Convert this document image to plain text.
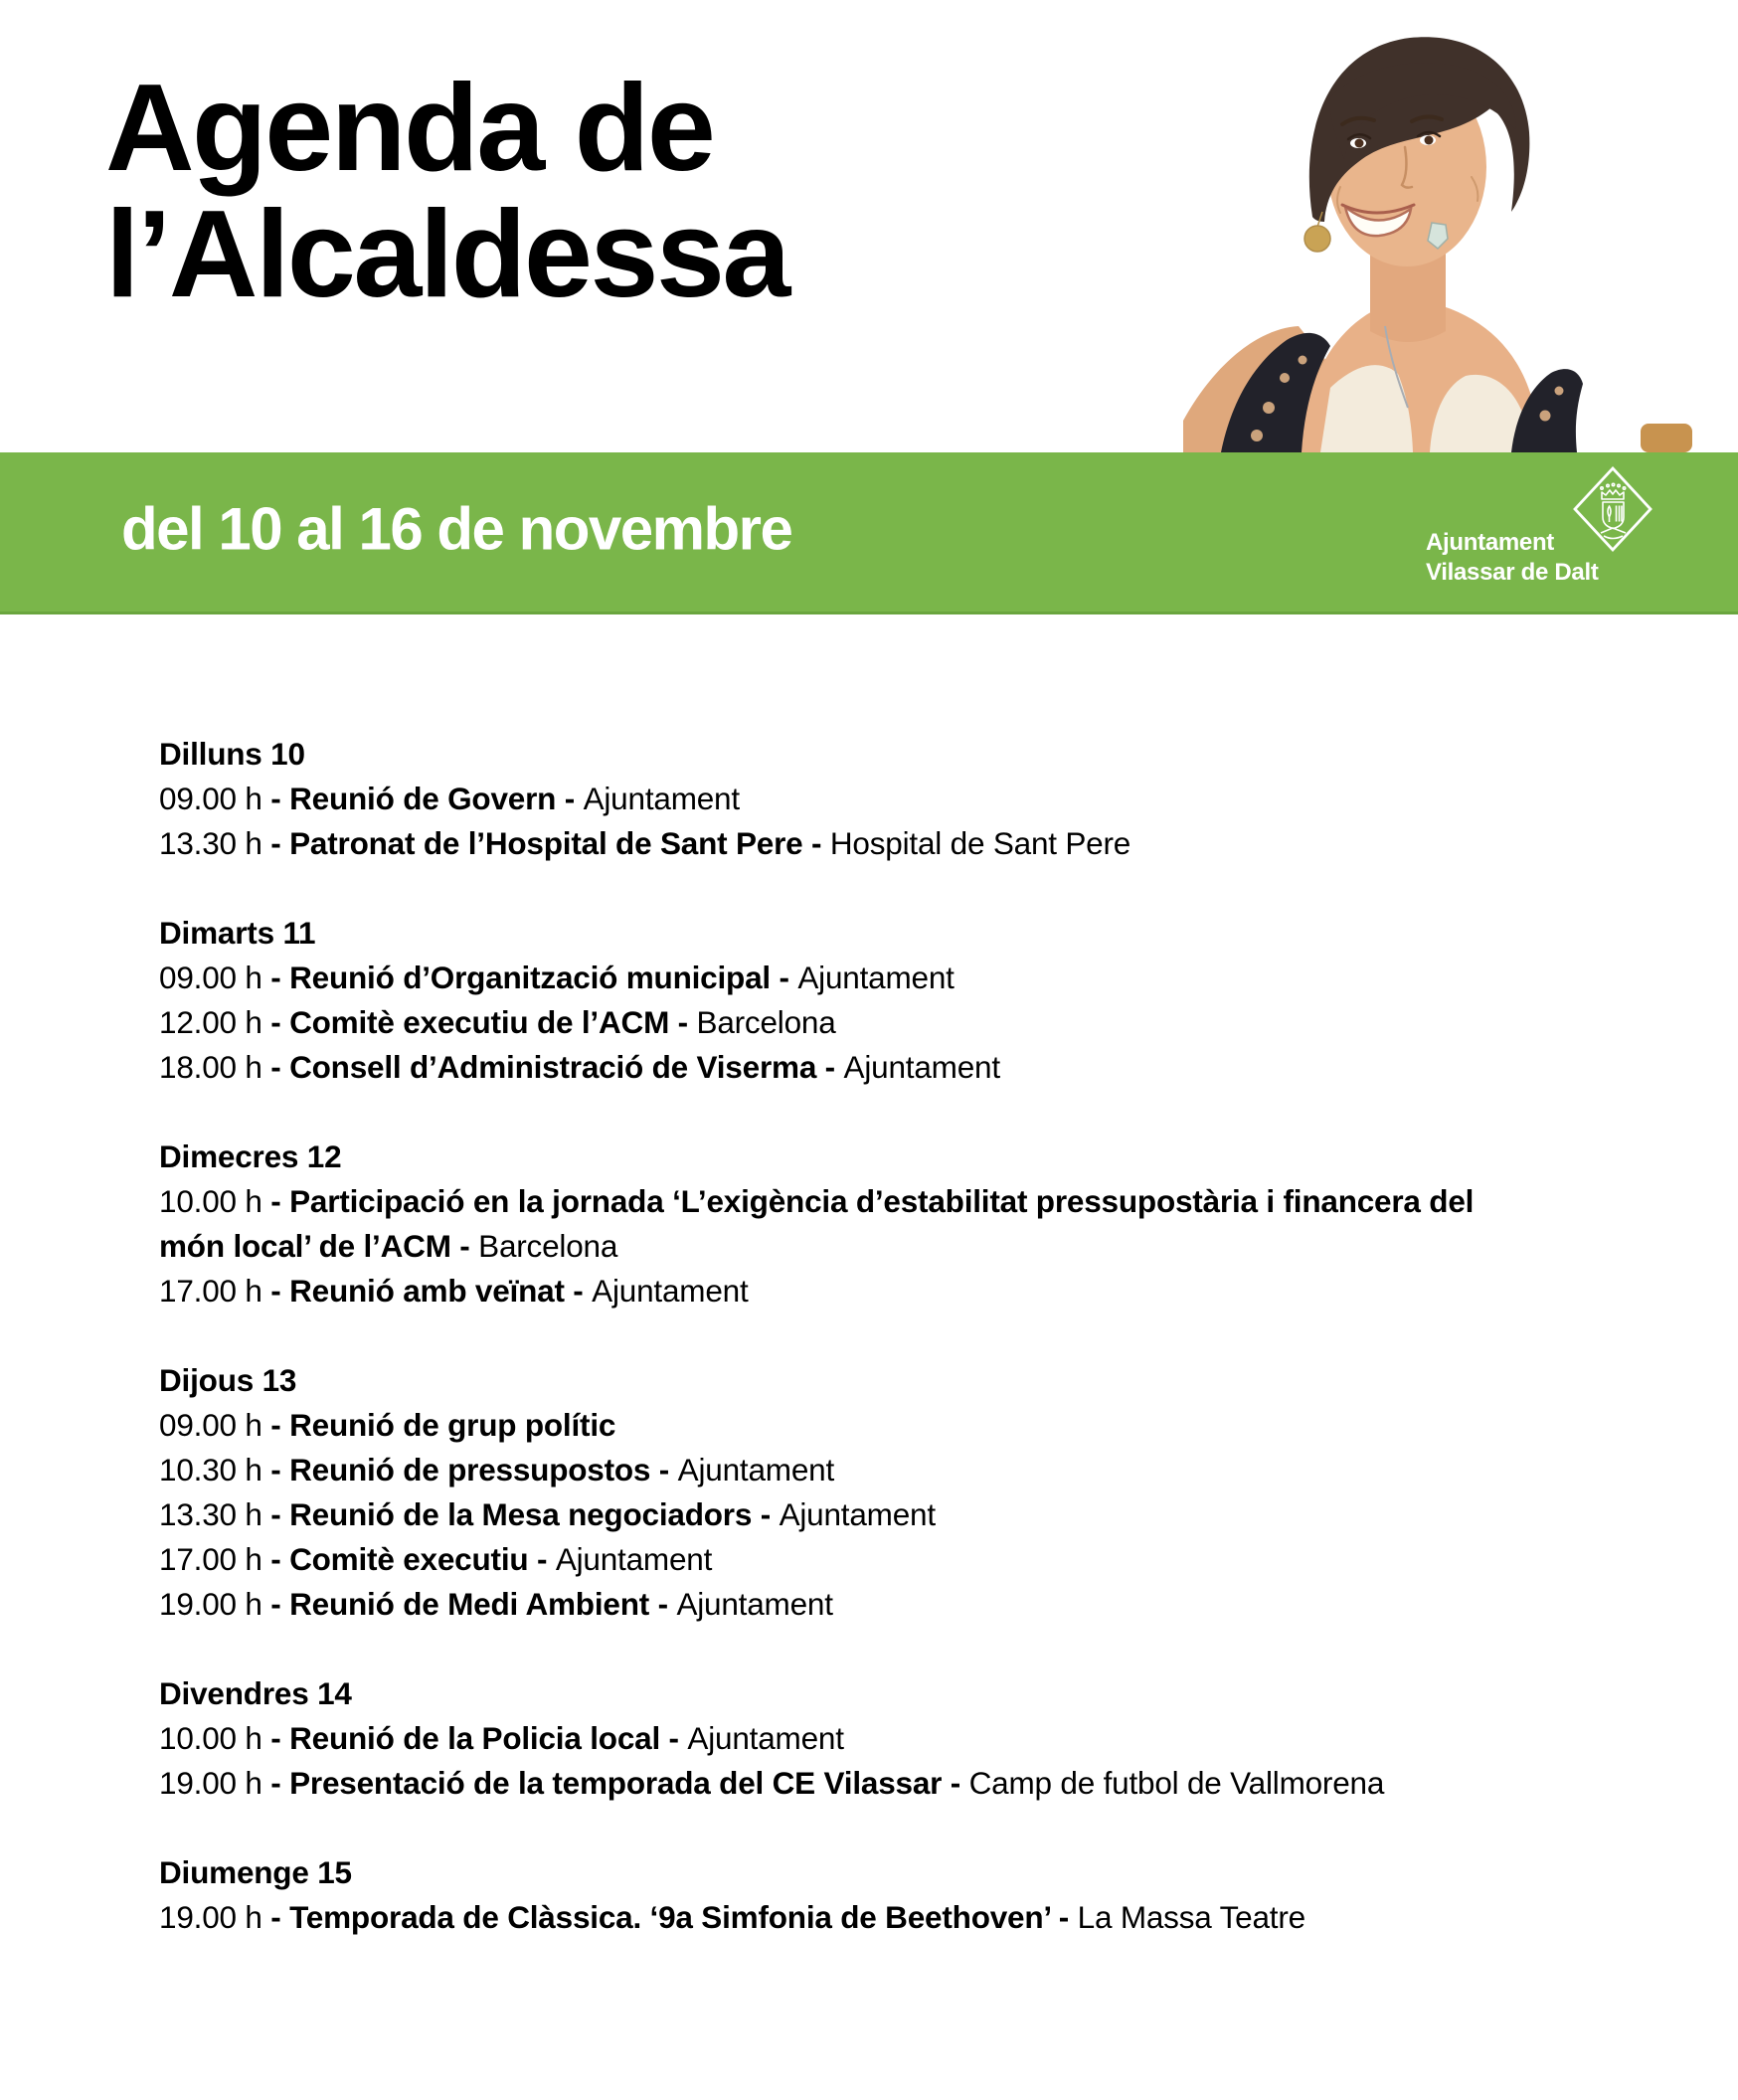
Agenda de
l’Alcaldessa
del 10 al 16 de novembre	Ajuntament
Vilassar de Dalt
Dilluns 10
09.00 h - Reunió de Govern - Ajuntament
13.30 h - Patronat de l’Hospital de Sant Pere - Hospital de Sant Pere
Dimarts 11
09.00 h - Reunió d’Organització municipal - Ajuntament
12.00 h - Comitè executiu de l’ACM - Barcelona
18.00 h - Consell d’Administració de Viserma - Ajuntament
Dimecres 12
10.00 h - Participació en la jornada ‘L’exigència d’estabilitat pressupostària i financera del món local’ de l’ACM - Barcelona
17.00 h - Reunió amb veïnat - Ajuntament
Dijous 13
09.00 h - Reunió de grup polític
10.30 h - Reunió de pressupostos - Ajuntament
13.30 h - Reunió de la Mesa negociadors - Ajuntament
17.00 h - Comitè executiu - Ajuntament
19.00 h - Reunió de Medi Ambient - Ajuntament
Divendres 14
10.00 h - Reunió de la Policia local - Ajuntament
19.00 h - Presentació de la temporada del CE Vilassar - Camp de futbol de Vallmorena
Diumenge 15
19.00 h - Temporada de Clàssica. ‘9a Simfonia de Beethoven’ - La Massa Teatre
